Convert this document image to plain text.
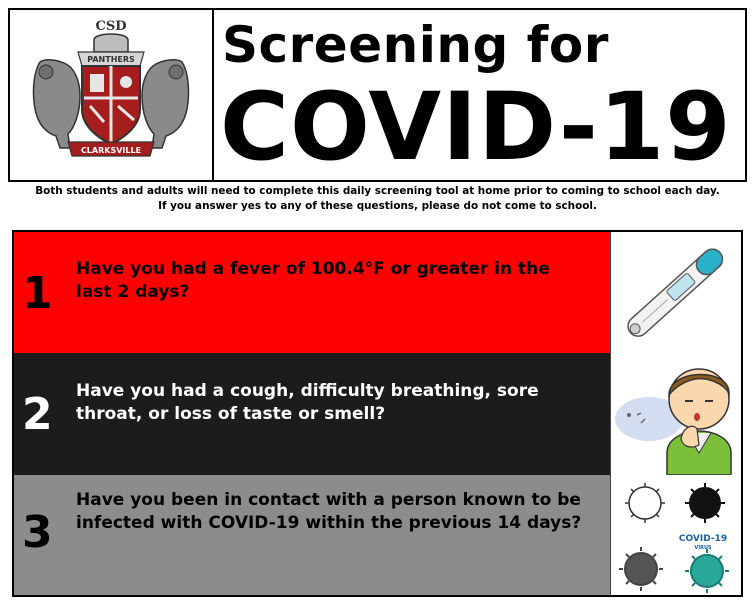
CSD
PANTHERS
CLARKSVILLE
Screening for
COVID-19
Both students and adults will need to complete this daily screening tool at home prior to coming to school each day.
If you answer yes to any of these questions, please do not come to school.
1 Have you had a fever of 100.4°F or greater in the last 2 days?
2 Have you had a cough, difficulty breathing, sore throat, or loss of taste or smell?
3
Have you been in contact with a person known to be infected with COVID-19 within the previous 14 days?
COVID-19
VIRUS
